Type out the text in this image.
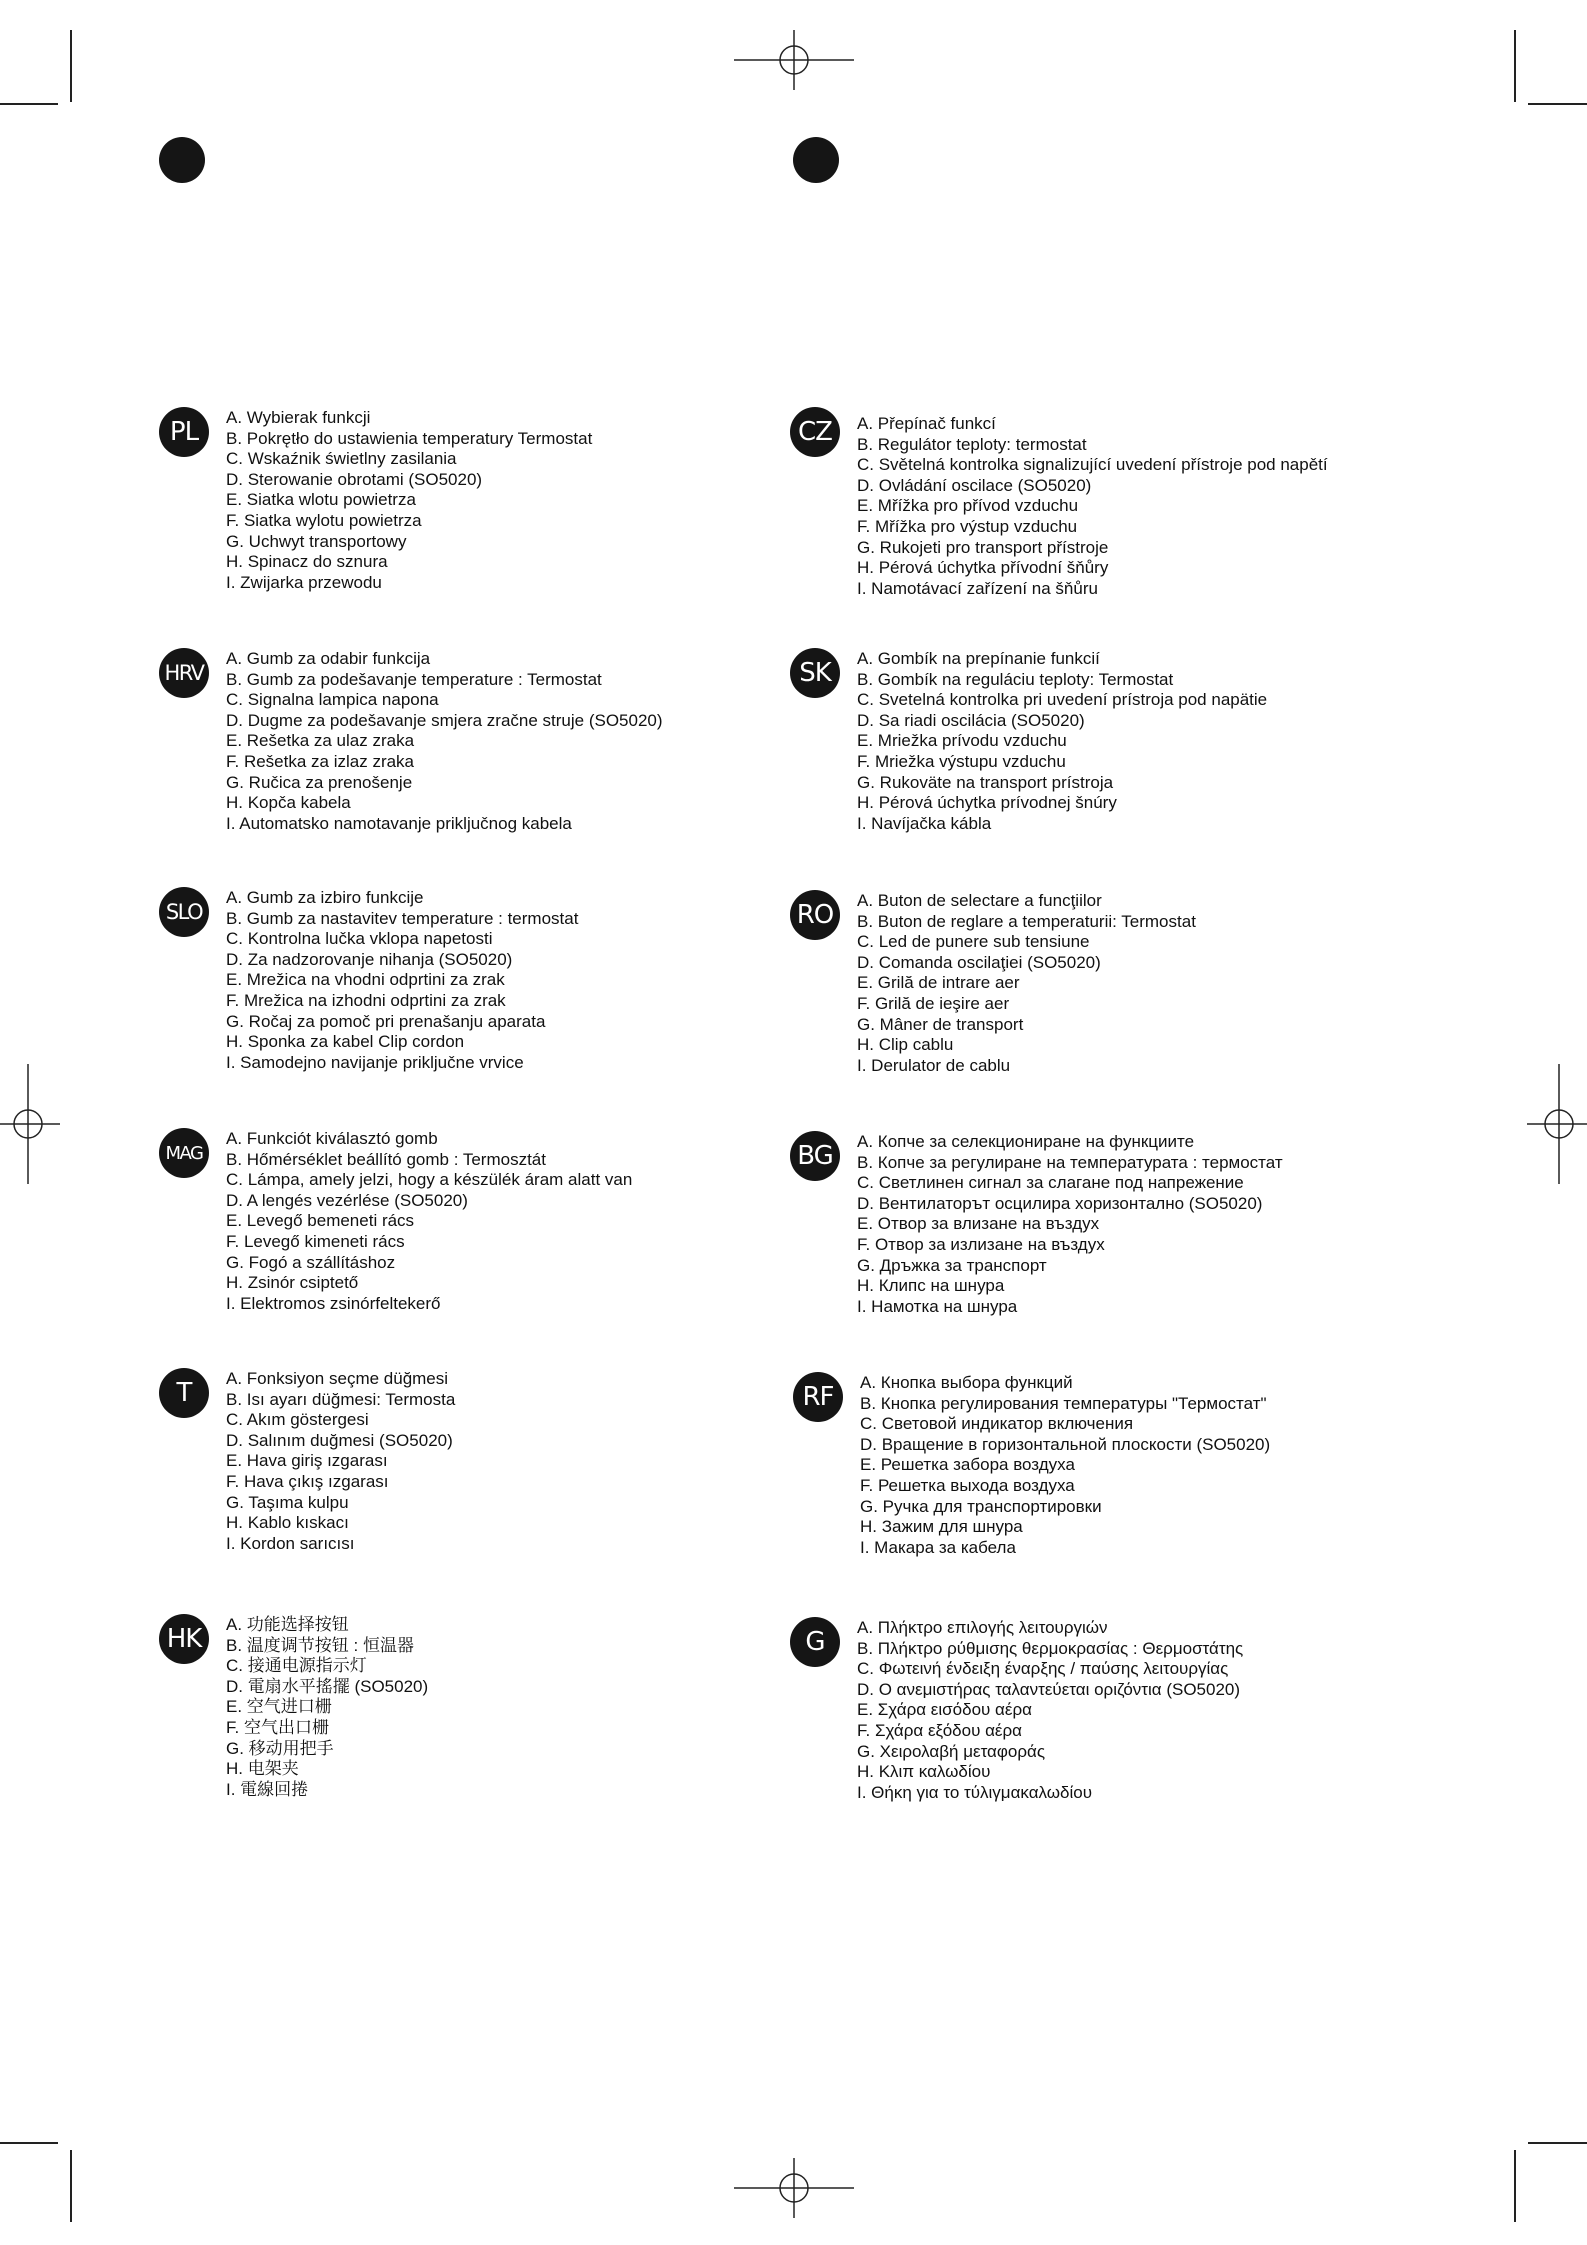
PL	A. Wybierak funkcji
B. Pokrętło do ustawienia temperatury Termostat
C. Wskaźnik świetlny zasilania
D. Sterowanie obrotami (SO5020)
E. Siatka wlotu powietrza
F. Siatka wylotu powietrza
G. Uchwyt transportowy
H. Spinacz do sznura
I. Zwijarka przewodu
HRV
A. Gumb za odabir funkcija
B. Gumb za podešavanje temperature : Termostat
C. Signalna lampica napona
D. Dugme za podešavanje smjera zračne struje (SO5020)
E. Rešetka za ulaz zraka
F. Rešetka za izlaz zraka
G. Ručica za prenošenje
H. Kopča kabela
I. Automatsko namotavanje priključnog kabela
SLO
A. Gumb za izbiro funkcije
B. Gumb za nastavitev temperature : termostat
C. Kontrolna lučka vklopa napetosti
D. Za nadzorovanje nihanja (SO5020)
E. Mrežica na vhodni odprtini za zrak
F. Mrežica na izhodni odprtini za zrak
G. Ročaj za pomoč pri prenašanju aparata
H. Sponka za kabel Clip cordon
I. Samodejno navijanje priključne vrvice
MAG
A. Funkciót kiválasztó gomb
B. Hőmérséklet beállító gomb : Termosztát
C. Lámpa, amely jelzi, hogy a készülék áram alatt van
D. A lengés vezérlése (SO5020)
E. Levegő bemeneti rács
F. Levegő kimeneti rács
G. Fogó a szállításhoz
H. Zsinór csiptető
I. Elektromos zsinórfeltekerő
T	A. Fonksiyon seçme düğmesi
B. Isı ayarı düğmesi: Termosta
C. Akım göstergesi
D. Salınım duğmesi (SO5020)
E. Hava giriş ızgarası
F. Hava çıkış ızgarası
G. Taşıma kulpu
H. Kablo kıskacı
I. Kordon sarıcısı
HK	A. 功能选择按钮
B. 温度调节按钮 : 恒温器
C. 接通电源指示灯
D. 電扇水平搖擺 (SO5020)
E. 空气进口栅
F. 空气出口栅
G. 移动用把手
H. 电架夹
I. 電線回捲
CZ	A. Přepínač funkcí
B. Regulátor teploty: termostat
C. Světelná kontrolka signalizující uvedení přístroje pod napětí
D. Ovládání oscilace (SO5020)
E. Mřížka pro přívod vzduchu
F. Mřížka pro výstup vzduchu
G. Rukojeti pro transport přístroje
H. Pérová úchytka přívodní šňůry
I. Namotávací zařízení na šňůru
SK	A. Gombík na prepínanie funkcií
B. Gombík na reguláciu teploty: Termostat
C. Svetelná kontrolka pri uvedení prístroja pod napätie
D. Sa riadi oscilácia (SO5020)
E. Mriežka prívodu vzduchu
F. Mriežka výstupu vzduchu
G. Rukoväte na transport prístroja
H. Pérová úchytka prívodnej šnúry
I. Navíjačka kábla
RO	A. Buton de selectare a funcţiilor
B. Buton de reglare a temperaturii: Termostat
C. Led de punere sub tensiune
D. Comanda oscilaţiei (SO5020)
E. Grilă de intrare aer
F. Grilă de ieşire aer
G. Mâner de transport
H. Clip cablu
I. Derulator de cablu
BG	A. Копче за селекциониране на функциите
B. Копче за регулиране на температурата : термостат
C. Светлинен сигнал за слагане под напрежение
D. Вентилаторът осцилира хоризонтално (SO5020)
E. Отвор за влизане на въздух
F. Отвор за излизане на въздух
G. Дръжка за транспорт
H. Клипс на шнура
I. Намотка на шнура
RF	A. Кнопка выбора функций
B. Кнопка регулирования температуры "Термостат"
C. Световой индикатор включения
D. Вращение в горизонтальной плоскости (SO5020)
E. Решетка забора воздуха
F. Решетка выхода воздуха
G. Ручка для транспортировки
H. Зажим для шнура
I. Макара за кабела
G	A. Πλήκτρο επιλογής λειτουργιών
B. Πλήκτρο ρύθμισης θερμοκρασίας : Θερμοστάτης
C. Φωτεινή ένδειξη έναρξης / παύσης λειτουργίας
D. Ο ανεμιστήρας ταλαντεύεται οριζόντια (SO5020)
E. Σχάρα εισόδου αέρα
F. Σχάρα εξόδου αέρα
G. Χειρολαβή μεταφοράς
H. Κλιπ καλωδίου
I. Θήκη για το τύλιγμακαλωδίου
